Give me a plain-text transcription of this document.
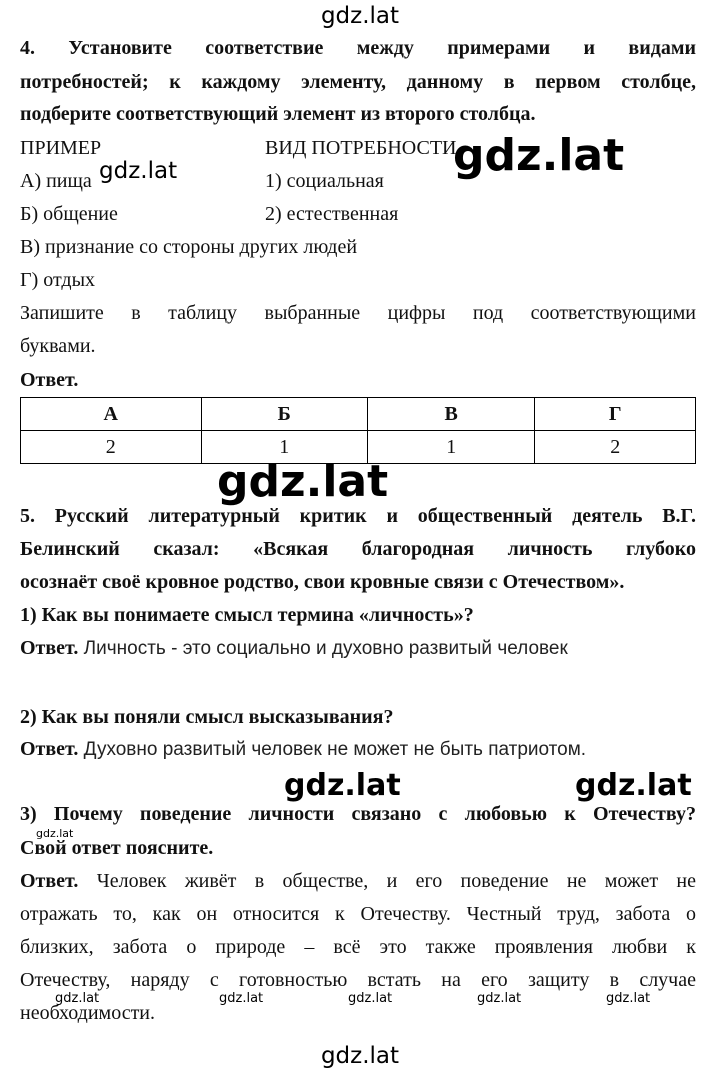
4. Установите соответствие между примерами и видами
потребностей; к каждому элементу, данному в первом столбце,
подберите соответствующий элемент из второго столбца.
ПРИМЕР	ВИД ПОТРЕБНОСТИ
А) пища	1) социальная
Б) общение	2) естественная
В) признание со стороны других людей
Г) отдых
Запишите в таблицу выбранные цифры под соответствующими
буквами.
Ответ.
А	Б	В	Г
2	1	1	2
5. Русский литературный критик и общественный деятель В.Г.
Белинский сказал: «Всякая благородная личность глубоко
осознаёт своё кровное родство, свои кровные связи с Отечеством».
1) Как вы понимаете смысл термина «личность»?
Ответ. Личность - это социально и духовно развитый человек
2) Как вы поняли смысл высказывания?
Ответ. Духовно развитый человек не может не быть патриотом.
3) Почему поведение личности связано с любовью к Отечеству?
Свой ответ поясните.
Ответ. Человек живёт в обществе, и его поведение не может не
отражать то, как он относится к Отечеству. Честный труд, забота о
близких, забота о природе – всё это также проявления любви к
Отечеству, наряду с готовностью встать на его защиту в случае
необходимости.
gdz.lat
gdz.lat
gdz.lat
gdz.lat
gdz.lat	gdz.lat
gdz.lat
gdz.lat	gdz.lat	gdz.lat	gdz.lat	gdz.lat
gdz.lat
